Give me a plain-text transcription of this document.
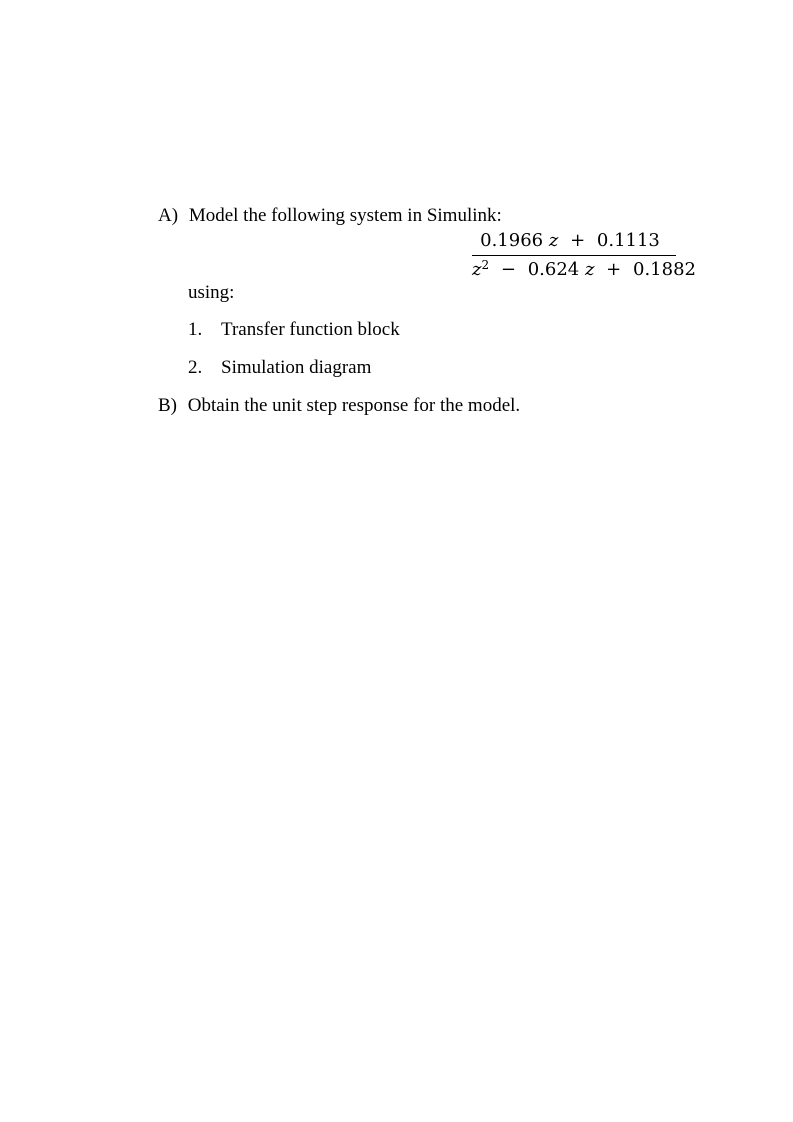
A) Model the following system in Simulink:
0.1966 z + 0.1113
$z^2 - 0.624$ z + 0.1882
using:
1. Transfer function block
2. Simulation diagram
B) Obtain the unit step response for the model.
